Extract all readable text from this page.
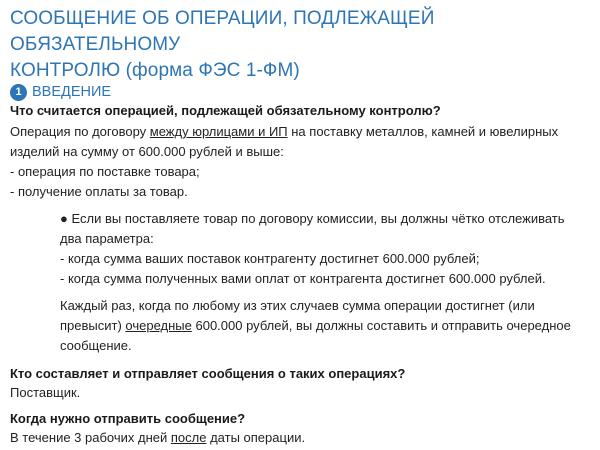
СООБЩЕНИЕ ОБ ОПЕРАЦИИ, ПОДЛЕЖАЩЕЙ ОБЯЗАТЕЛЬНОМУ
КОНТРОЛЮ (форма ФЭС 1-ФМ)
1 ВВЕДЕНИЕ
Что считается операцией, подлежащей обязательному контролю?
Операция по договору между юрлицами и ИП на поставку металлов, камней и ювелирных
изделий на сумму от 600.000 рублей и выше:
- операция по поставке товара;
- получение оплаты за товар.
● Если вы поставляете товар по договору комиссии, вы должны чётко отслеживать
два параметра:
- когда сумма ваших поставок контрагенту достигнет 600.000 рублей;
- когда сумма полученных вами оплат от контрагента достигнет 600.000 рублей.
Каждый раз, когда по любому из этих случаев сумма операции достигнет (или
превысит) очередные 600.000 рублей, вы должны составить и отправить очередное
сообщение.
Кто составляет и отправляет сообщения о таких операциях?
Поставщик.
Когда нужно отправить сообщение?
В течение 3 рабочих дней после даты операции.
